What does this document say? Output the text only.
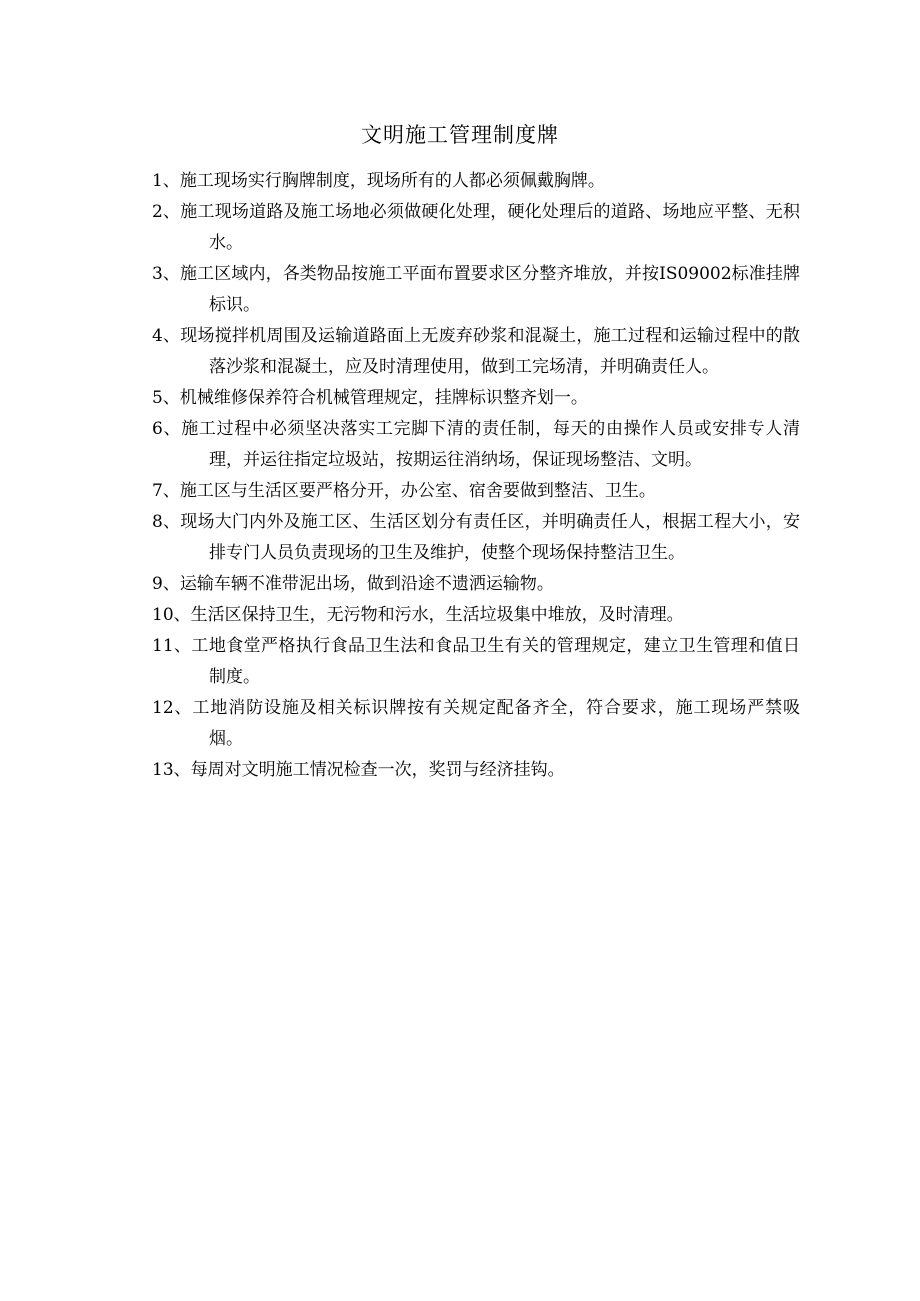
文明施工管理制度牌
1、施工现场实行胸牌制度，现场所有的人都必须佩戴胸牌。
2、施工现场道路及施工场地必须做硬化处理，硬化处理后的道路、场地应平整、无积水。
3、施工区域内，各类物品按施工平面布置要求区分整齐堆放，并按IS09002标准挂牌标识。
4、现场搅拌机周围及运输道路面上无废弃砂浆和混凝土，施工过程和运输过程中的散落沙浆和混凝土，应及时清理使用，做到工完场清，并明确责任人。
5、机械维修保养符合机械管理规定，挂牌标识整齐划一。
6、施工过程中必须坚决落实工完脚下清的责任制，每天的由操作人员或安排专人清理，并运往指定垃圾站，按期运往消纳场，保证现场整洁、文明。
7、施工区与生活区要严格分开，办公室、宿舍要做到整洁、卫生。
8、现场大门内外及施工区、生活区划分有责任区，并明确责任人，根据工程大小，安排专门人员负责现场的卫生及维护，使整个现场保持整洁卫生。
9、运输车辆不准带泥出场，做到沿途不遗洒运输物。
10、生活区保持卫生，无污物和污水，生活垃圾集中堆放，及时清理。
11、工地食堂严格执行食品卫生法和食品卫生有关的管理规定，建立卫生管理和值日制度。
12、工地消防设施及相关标识牌按有关规定配备齐全，符合要求，施工现场严禁吸烟。
13、每周对文明施工情况检查一次，奖罚与经济挂钩。
